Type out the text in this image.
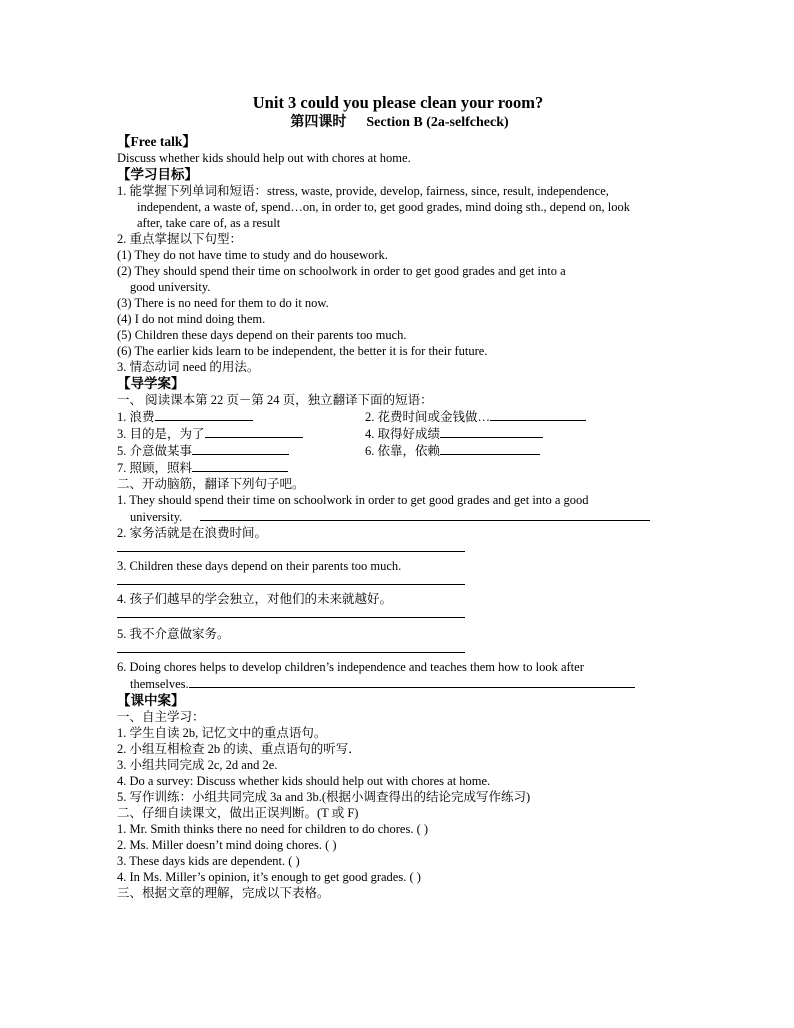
Unit 3 could you please clean your room?
第四课时 Section B (2a-selfcheck)
【Free talk】
Discuss whether kids should help out with chores at home.
【学习目标】
1. 能掌握下列单词和短语：stress, waste, provide, develop, fairness, since, result, independence,
independent, a waste of, spend…on, in order to, get good grades, mind doing sth., depend on, look
after, take care of, as a result
2. 重点掌握以下句型：
(1) They do not have time to study and do housework.
(2) They should spend their time on schoolwork in order to get good grades and get into a
good university.
(3) There is no need for them to do it now.
(4) I do not mind doing them.
(5) Children these days depend on their parents too much.
(6) The earlier kids learn to be independent, the better it is for their future.
3. 情态动词 need 的用法。
【导学案】
一、 阅读课本第 22 页－第 24 页，独立翻译下面的短语：
1. 浪费	2. 花费时间或金钱做…
3. 目的是，为了	4. 取得好成绩
5. 介意做某事	6. 依靠，依赖
7. 照顾，照料
二、开动脑筋，翻译下列句子吧。
1. They should spend their time on schoolwork in order to get good grades and get into a good
university.
2. 家务活就是在浪费时间。
3. Children these days depend on their parents too much.
4. 孩子们越早的学会独立，对他们的未来就越好。
5. 我不介意做家务。
6. Doing chores helps to develop children’s independence and teaches them how to look after
themselves.
【课中案】
一、自主学习：
1. 学生自读 2b, 记忆文中的重点语句。
2. 小组互相检查 2b 的读、重点语句的听写．
3. 小组共同完成 2c, 2d and 2e.
4. Do a survey: Discuss whether kids should help out with chores at home.
5. 写作训练：小组共同完成 3a and 3b.(根据小调查得出的结论完成写作练习)
二、仔细自读课文，做出正误判断。(T 或 F)
1. Mr. Smith thinks there no need for children to do chores. ( )
2. Ms. Miller doesn’t mind doing chores. ( )
3. These days kids are dependent. ( )
4. In Ms. Miller’s opinion, it’s enough to get good grades. ( )
三、根据文章的理解，完成以下表格。
